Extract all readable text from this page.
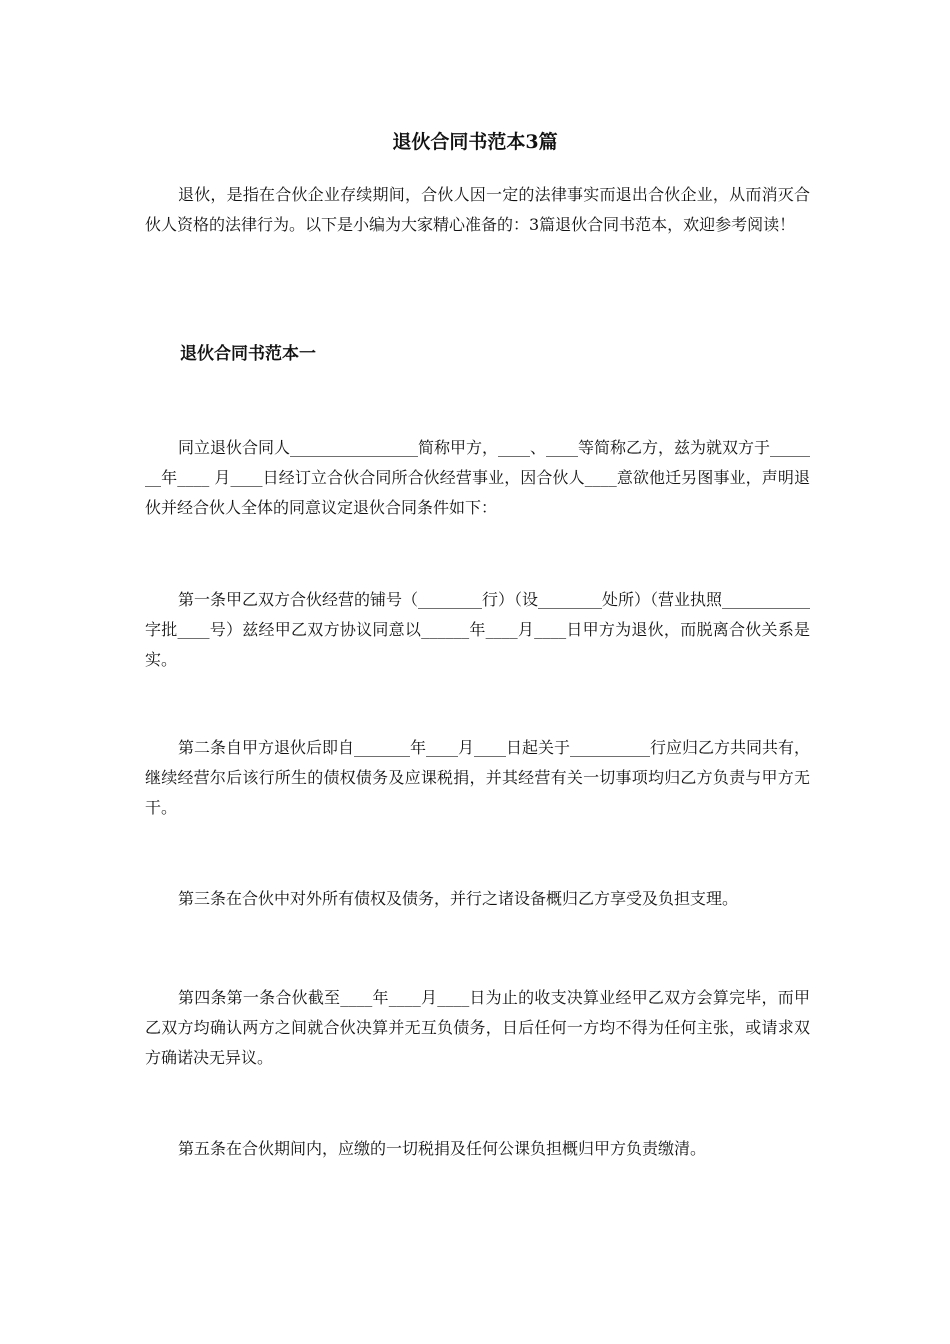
退伙合同书范本3篇

退伙，是指在合伙企业存续期间，合伙人因一定的法律事实而退出合伙企业，从而消灭合伙人资格的法律行为。以下是小编为大家精心准备的：3篇退伙合同书范本，欢迎参考阅读！

退伙合同书范本一

同立退伙合同人________________简称甲方，____、____等简称乙方，兹为就双方于_______年____ 月____日经订立合伙合同所合伙经营事业，因合伙人____意欲他迁另图事业，声明退伙并经合伙人全体的同意议定退伙合同条件如下：

第一条甲乙双方合伙经营的铺号（________行）（设________处所）（营业执照___________字批____号）兹经甲乙双方协议同意以______年____月____日甲方为退伙，而脱离合伙关系是实。

第二条自甲方退伙后即自_______年____月____日起关于__________行应归乙方共同共有，继续经营尔后该行所生的债权债务及应课税捐，并其经营有关一切事项均归乙方负责与甲方无干。

第三条在合伙中对外所有债权及债务，并行之诸设备概归乙方享受及负担支理。

第四条第一条合伙截至____年____月____日为止的收支决算业经甲乙双方会算完毕，而甲乙双方均确认两方之间就合伙决算并无互负债务，日后任何一方均不得为任何主张，或请求双方确诺决无异议。

第五条在合伙期间内，应缴的一切税捐及任何公课负担概归甲方负责缴清。
